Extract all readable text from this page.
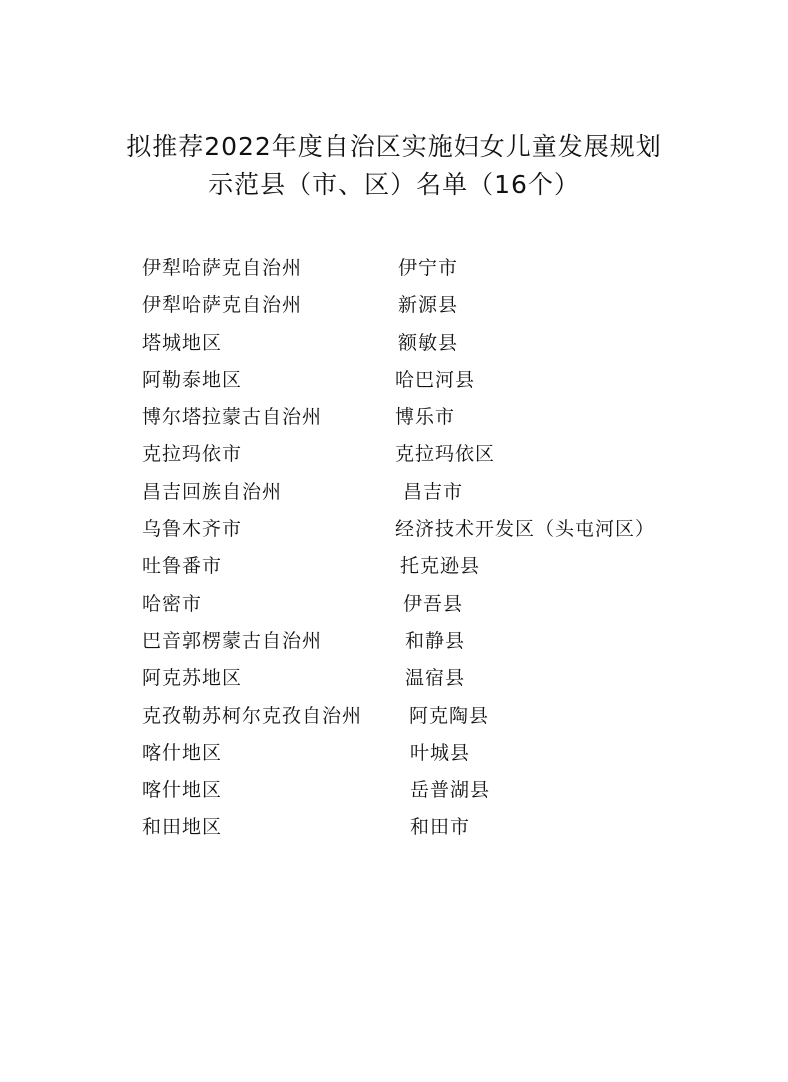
拟推荐2022年度自治区实施妇女儿童发展规划
示范县（市、区）名单（16个）
伊犁哈萨克自治州	伊宁市
伊犁哈萨克自治州	新源县
塔城地区	额敏县
阿勒泰地区	哈巴河县
博尔塔拉蒙古自治州	博乐市
克拉玛依市	克拉玛依区
昌吉回族自治州	昌吉市
乌鲁木齐市	经济技术开发区（头屯河区）
吐鲁番市	托克逊县
哈密市	伊吾县
巴音郭楞蒙古自治州	和静县
阿克苏地区	温宿县
克孜勒苏柯尔克孜自治州 阿克陶县
喀什地区	叶城县
喀什地区	岳普湖县
和田地区	和田市
